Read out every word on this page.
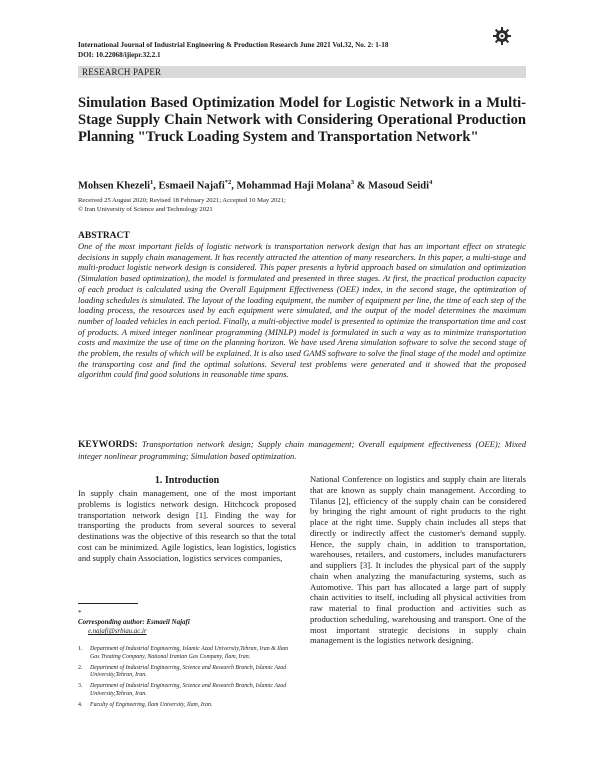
International Journal of Industrial Engineering & Production Research June 2021 Vol.32, No. 2: 1-18
DOI: 10.22068/ijiepr.32.2.1
RESEARCH PAPER
Simulation Based Optimization Model for Logistic Network in a Multi-Stage Supply Chain Network with Considering Operational Production Planning "Truck Loading System and Transportation Network"
Mohsen Khezeli$^1$, Esmaeil Najafi$^{*2}$, Mohammad Haji Molana$^3$ & Masoud Seidi$^4$
Received 25 August 2020; Revised 18 February 2021; Accepted 10 May 2021;
© Iran University of Science and Technology 2021
ABSTRACT
One of the most important fields of logistic network is transportation network design that has an important effect on strategic decisions in supply chain management. It has recently attracted the attention of many researchers. In this paper, a multi-stage and multi-product logistic network design is considered. This paper presents a hybrid approach based on simulation and optimization (Simulation based optimization), the model is formulated and presented in three stages. At first, the practical production capacity of each product is calculated using the Overall Equipment Effectiveness (OEE) index, in the second stage, the optimization of loading schedules is simulated. The layout of the loading equipment, the number of equipment per line, the time of each step of the loading process, the resources used by each equipment were simulated, and the output of the model determines the maximum number of loaded vehicles in each period. Finally, a multi-objective model is presented to optimize the transportation time and cost of products. A mixed integer nonlinear programming (MINLP) model is formulated in such a way as to minimize transportation costs and maximize the use of time on the planning horizon. We have used Arena simulation software to solve the second stage of the problem, the results of which will be explained. It is also used GAMS software to solve the final stage of the model and optimize the transporting cost and find the optimal solutions. Several test problems were generated and it showed that the proposed algorithm could find good solutions in reasonable time spans.
KEYWORDS: Transportation network design; Supply chain management; Overall equipment effectiveness (OEE); Mixed integer nonlinear programming; Simulation based optimization.
1. Introduction
In supply chain management, one of the most important problems is logistics network design. Hitchcock proposed transportation network design [1]. Finding the way for transporting the products from several sources to several destinations was the objective of this research so that the total cost can be minimized. Agile logistics, lean logistics, logistics and supply chain Association, logistics services companies,
National Conference on logistics and supply chain are literals that are known as supply chain management. According to Tilanus [2], efficiency of the supply chain can be considered by bringing the right amount of right products to the right place at the right time. Supply chain includes all steps that directly or indirectly affect the customer's demand supply. Hence, the supply chain, in addition to transportation, warehouses, retailers, and customers, includes manufacturers and suppliers [3]. It includes the physical part of the supply chain when analyzing the manufacturing systems, such as Automotive. This part has allocated a large part of supply chain activities to itself, including all physical activities from raw material to final production and activities such as production scheduling, warehousing and transport. One of the most important strategic decisions in supply chain management is the logistics network designing.
*
Corresponding author: Esmaeil Najafi
e.najafi@srbiau.ac.ir
1.	Department of Industrial Engineering, Islamic Azad University,Tehran, Iran & Ilam Gas Treating Company, National Iranian Gas Company, Ilam, Iran.
2.	Department of Industrial Engineering, Science and Research Branch, Islamic Azad University,Tehran, Iran.
3.	Department of Industrial Engineering, Science and Research Branch, Islamic Azad University,Tehran, Iran.
4.	Faculty of Engineering, Ilam University, Ilam, Iran.
